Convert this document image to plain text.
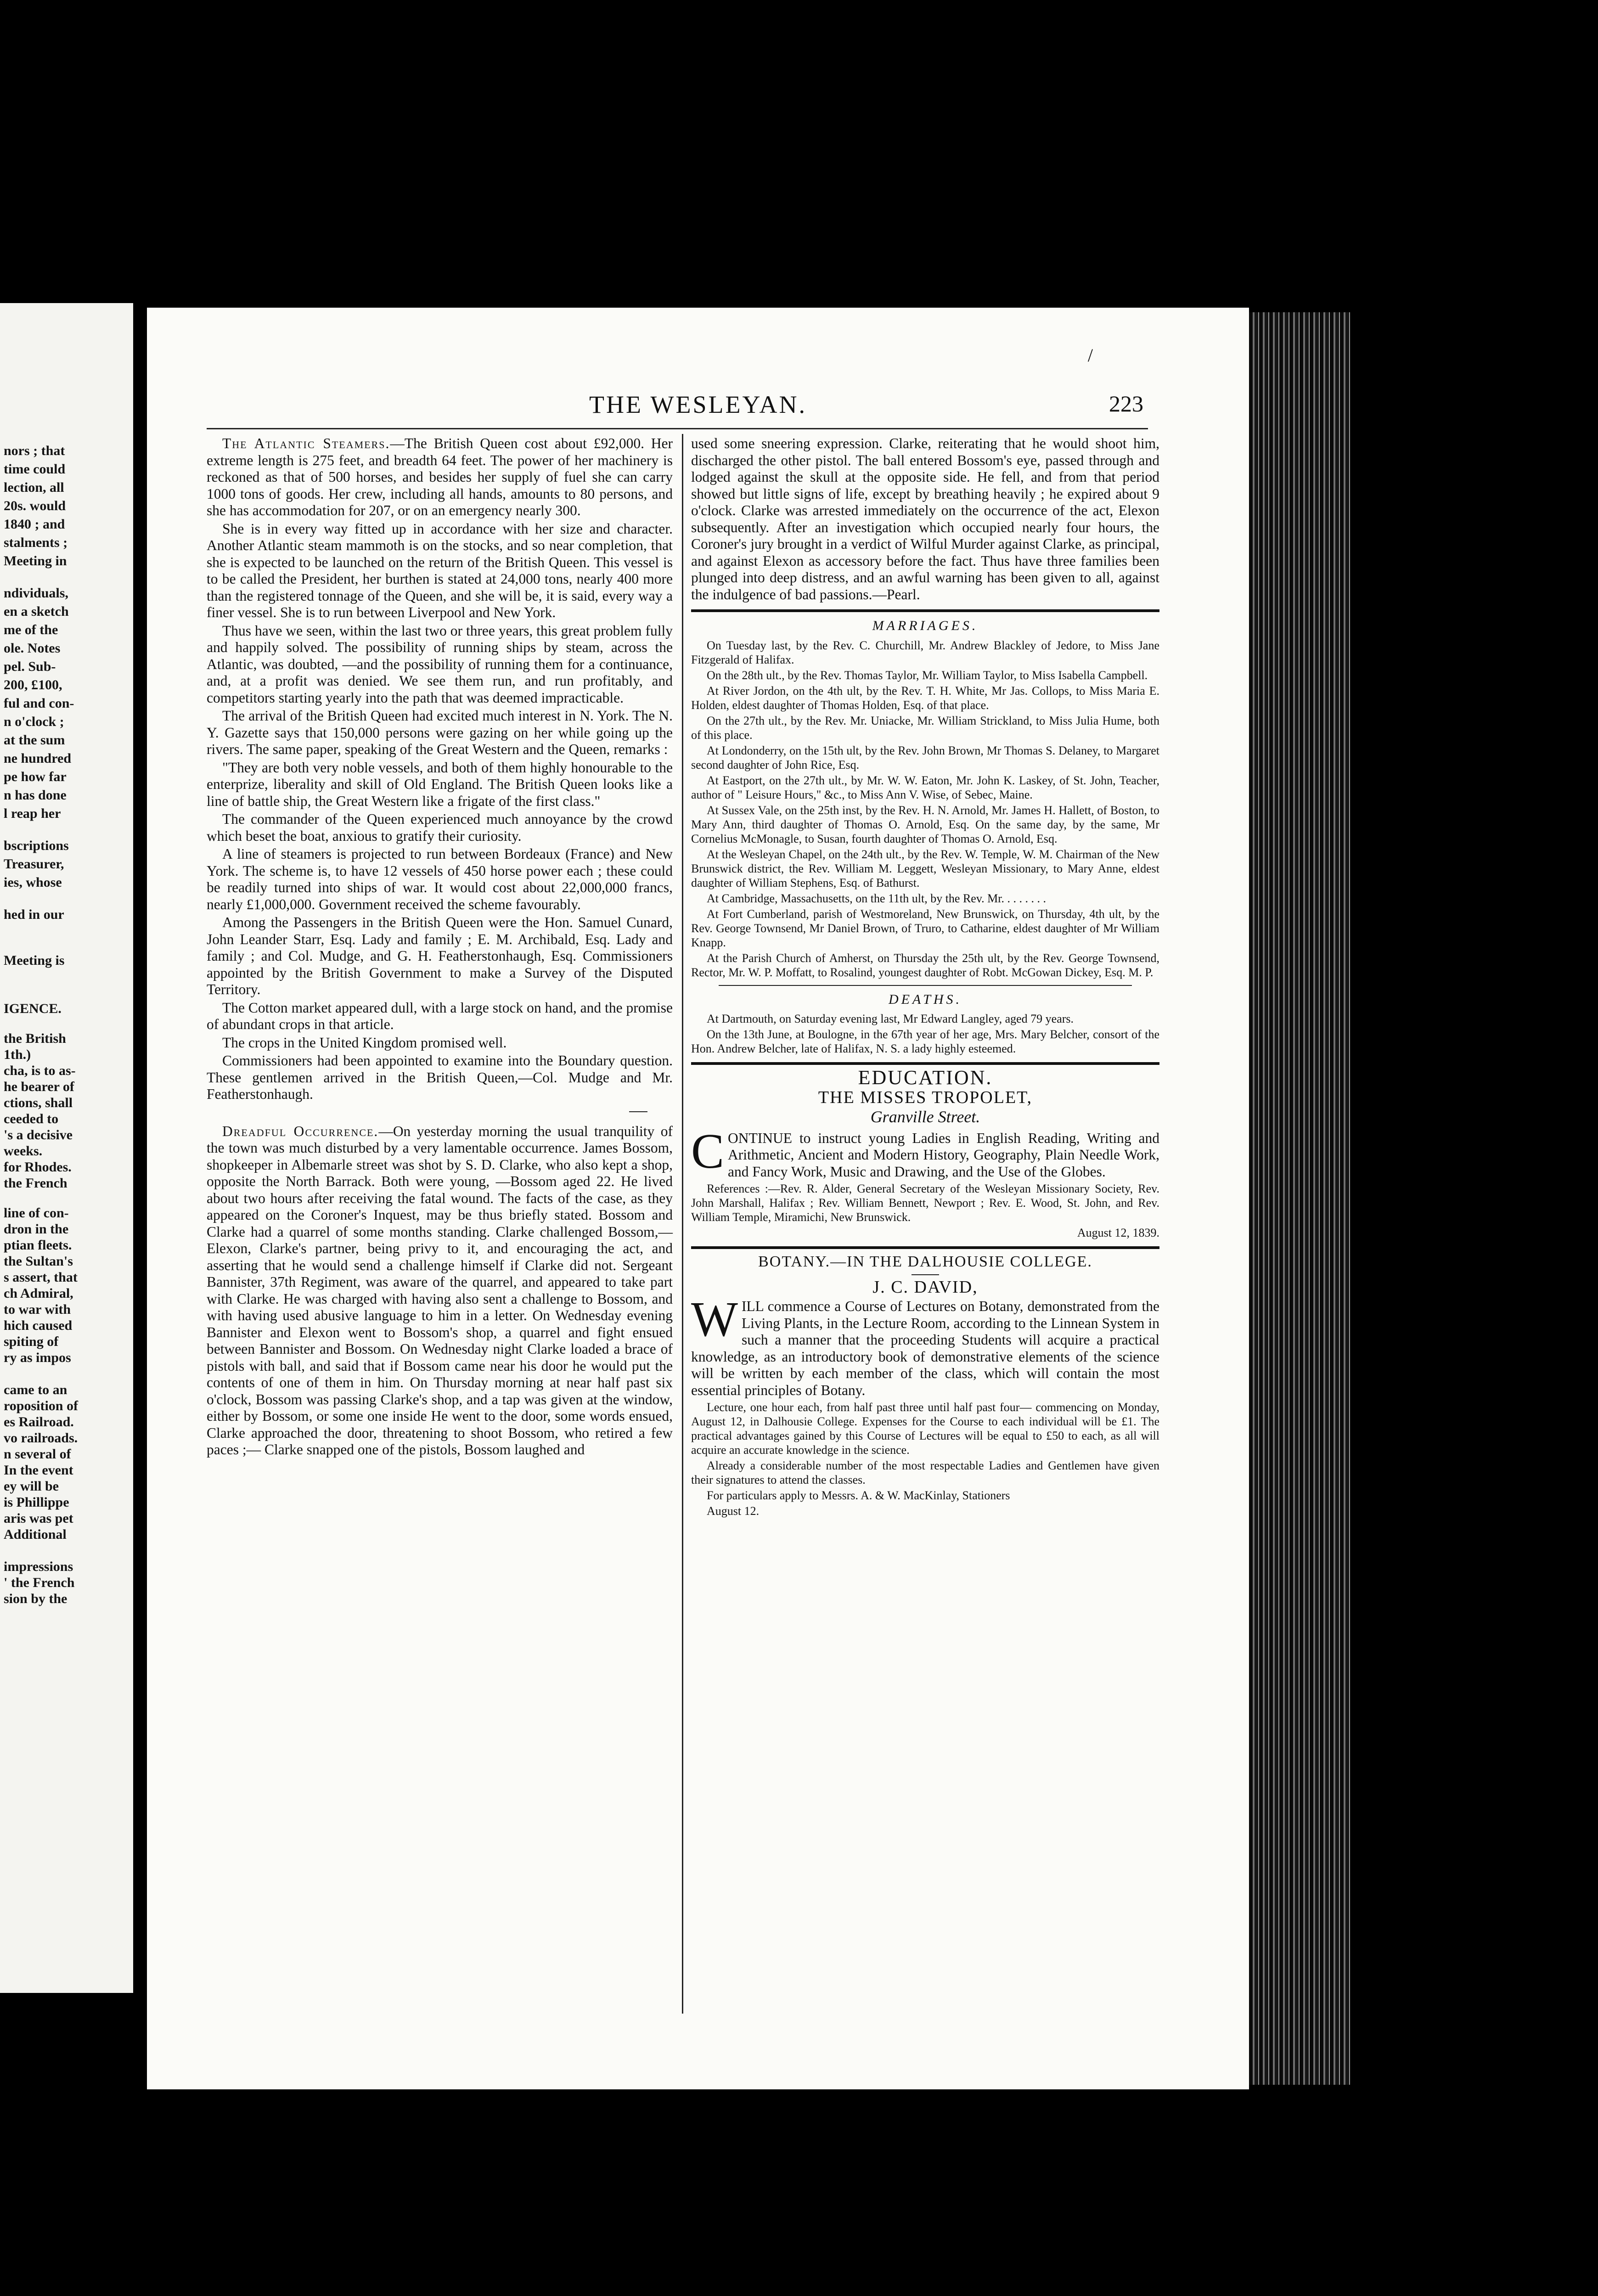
nors ; that
time could
lection, all
20s. would
1840 ; and
stalments ;
Meeting in
ndividuals,
en a sketch
me of the
ole. Notes
pel. Sub-
200, £100,
ful and con-
n o'clock ;
at the sum
ne hundred
pe how far
n has done
l reap her
bscriptions
Treasurer,
ies, whose
hed in our
Meeting is
IGENCE.
the British
1th.)
cha, is to as-
he bearer of
ctions, shall
ceeded to
's a decisive
weeks.
for Rhodes.
the French
line of con-
dron in the
ptian fleets.
the Sultan's
s assert, that
ch Admiral,
to war with
hich caused
spiting of
ry as impos
came to an
roposition of
es Railroad.
vo railroads.
n several of
In the event
ey will be
is Phillippe
aris was pet
Additional
impressions
' the French
sion by the
THE WESLEYAN.	223
/

The Atlantic Steamers.—The British Queen cost about £92,000. Her extreme length is 275 feet, and breadth 64 feet. The power of her machinery is reckoned as that of 500 horses, and besides her supply of fuel she can carry 1000 tons of goods. Her crew, including all hands, amounts to 80 persons, and she has accommodation for 207, or on an emergency nearly 300.

She is in every way fitted up in accordance with her size and character. Another Atlantic steam mammoth is on the stocks, and so near completion, that she is expected to be launched on the return of the British Queen. This vessel is to be called the President, her burthen is stated at 24,000 tons, nearly 400 more than the registered tonnage of the Queen, and she will be, it is said, every way a finer vessel. She is to run between Liverpool and New York.

Thus have we seen, within the last two or three years, this great problem fully and happily solved. The possibility of running ships by steam, across the Atlantic, was doubted, —and the possibility of running them for a continuance, and, at a profit was denied. We see them run, and run profitably, and competitors starting yearly into the path that was deemed impracticable.

The arrival of the British Queen had excited much interest in N. York. The N. Y. Gazette says that 150,000 persons were gazing on her while going up the rivers. The same paper, speaking of the Great Western and the Queen, remarks :

"They are both very noble vessels, and both of them highly honourable to the enterprize, liberality and skill of Old England. The British Queen looks like a line of battle ship, the Great Western like a frigate of the first class."

The commander of the Queen experienced much annoyance by the crowd which beset the boat, anxious to gratify their curiosity.

A line of steamers is projected to run between Bordeaux (France) and New York. The scheme is, to have 12 vessels of 450 horse power each ; these could be readily turned into ships of war. It would cost about 22,000,000 francs, nearly £1,000,000. Government received the scheme favourably.

Among the Passengers in the British Queen were the Hon. Samuel Cunard, John Leander Starr, Esq. Lady and family ; E. M. Archibald, Esq. Lady and family ; and Col. Mudge, and G. H. Featherstonhaugh, Esq. Commissioners appointed by the British Government to make a Survey of the Disputed Territory.

The Cotton market appeared dull, with a large stock on hand, and the promise of abundant crops in that article.

The crops in the United Kingdom promised well.

Commissioners had been appointed to examine into the Boundary question. These gentlemen arrived in the British Queen,—Col. Mudge and Mr. Featherstonhaugh.

Dreadful Occurrence.—On yesterday morning the usual tranquility of the town was much disturbed by a very lamentable occurrence. James Bossom, shopkeeper in Albemarle street was shot by S. D. Clarke, who also kept a shop, opposite the North Barrack. Both were young, —Bossom aged 22. He lived about two hours after receiving the fatal wound. The facts of the case, as they appeared on the Coroner's Inquest, may be thus briefly stated. Bossom and Clarke had a quarrel of some months standing. Clarke challenged Bossom,—Elexon, Clarke's partner, being privy to it, and encouraging the act, and asserting that he would send a challenge himself if Clarke did not. Sergeant Bannister, 37th Regiment, was aware of the quarrel, and appeared to take part with Clarke. He was charged with having also sent a challenge to Bossom, and with having used abusive language to him in a letter. On Wednesday evening Bannister and Elexon went to Bossom's shop, a quarrel and fight ensued between Bannister and Bossom. On Wednesday night Clarke loaded a brace of pistols with ball, and said that if Bossom came near his door he would put the contents of one of them in him. On Thursday morning at near half past six o'clock, Bossom was passing Clarke's shop, and a tap was given at the window, either by Bossom, or some one inside He went to the door, some words ensued, Clarke approached the door, threatening to shoot Bossom, who retired a few paces ;— Clarke snapped one of the pistols, Bossom laughed and

used some sneering expression. Clarke, reiterating that he would shoot him, discharged the other pistol. The ball entered Bossom's eye, passed through and lodged against the skull at the opposite side. He fell, and from that period showed but little signs of life, except by breathing heavily ; he expired about 9 o'clock. Clarke was arrested immediately on the occurrence of the act, Elexon subsequently. After an investigation which occupied nearly four hours, the Coroner's jury brought in a verdict of Wilful Murder against Clarke, as principal, and against Elexon as accessory before the fact. Thus have three families been plunged into deep distress, and an awful warning has been given to all, against the indulgence of bad passions.—Pearl.

MARRIAGES.

On Tuesday last, by the Rev. C. Churchill, Mr. Andrew Blackley of Jedore, to Miss Jane Fitzgerald of Halifax.

On the 28th ult., by the Rev. Thomas Taylor, Mr. William Taylor, to Miss Isabella Campbell.

At River Jordon, on the 4th ult, by the Rev. T. H. White, Mr Jas. Collops, to Miss Maria E. Holden, eldest daughter of Thomas Holden, Esq. of that place.

On the 27th ult., by the Rev. Mr. Uniacke, Mr. William Strickland, to Miss Julia Hume, both of this place.

At Londonderry, on the 15th ult, by the Rev. John Brown, Mr Thomas S. Delaney, to Margaret second daughter of John Rice, Esq.

At Eastport, on the 27th ult., by Mr. W. W. Eaton, Mr. John K. Laskey, of St. John, Teacher, author of " Leisure Hours," &c., to Miss Ann V. Wise, of Sebec, Maine.

At Sussex Vale, on the 25th inst, by the Rev. H. N. Arnold, Mr. James H. Hallett, of Boston, to Mary Ann, third daughter of Thomas O. Arnold, Esq. On the same day, by the same, Mr Cornelius McMonagle, to Susan, fourth daughter of Thomas O. Arnold, Esq.

At the Wesleyan Chapel, on the 24th ult., by the Rev. W. Temple, W. M. Chairman of the New Brunswick district, the Rev. William M. Leggett, Wesleyan Missionary, to Mary Anne, eldest daughter of William Stephens, Esq. of Bathurst.

At Cambridge, Massachusetts, on the 11th ult, by the Rev. Mr. . . . . . . .

At Fort Cumberland, parish of Westmoreland, New Brunswick, on Thursday, 4th ult, by the Rev. George Townsend, Mr Daniel Brown, of Truro, to Catharine, eldest daughter of Mr William Knapp.

At the Parish Church of Amherst, on Thursday the 25th ult, by the Rev. George Townsend, Rector, Mr. W. P. Moffatt, to Rosalind, youngest daughter of Robt. McGowan Dickey, Esq. M. P.

DEATHS.

At Dartmouth, on Saturday evening last, Mr Edward Langley, aged 79 years.

On the 13th June, at Boulogne, in the 67th year of her age, Mrs. Mary Belcher, consort of the Hon. Andrew Belcher, late of Halifax, N. S. a lady highly esteemed.

EDUCATION.
THE MISSES TROPOLET,
Granville Street.

CONTINUE to instruct young Ladies in English Reading, Writing and Arithmetic, Ancient and Modern History, Geography, Plain Needle Work, and Fancy Work, Music and Drawing, and the Use of the Globes.

References :—Rev. R. Alder, General Secretary of the Wesleyan Missionary Society, Rev. John Marshall, Halifax ; Rev. William Bennett, Newport ; Rev. E. Wood, St. John, and Rev. William Temple, Miramichi, New Brunswick.

August 12, 1839.

BOTANY.—IN THE DALHOUSIE COLLEGE.
J. C. DAVID,

WILL commence a Course of Lectures on Botany, demonstrated from the Living Plants, in the Lecture Room, according to the Linnean System in such a manner that the proceeding Students will acquire a practical knowledge, as an introductory book of demonstrative elements of the science will be written by each member of the class, which will contain the most essential principles of Botany.

Lecture, one hour each, from half past three until half past four— commencing on Monday, August 12, in Dalhousie College. Expenses for the Course to each individual will be £1. The practical advantages gained by this Course of Lectures will be equal to £50 to each, as all will acquire an accurate knowledge in the science.

Already a considerable number of the most respectable Ladies and Gentlemen have given their signatures to attend the classes.

For particulars apply to Messrs. A. & W. MacKinlay, Stationers

August 12.
